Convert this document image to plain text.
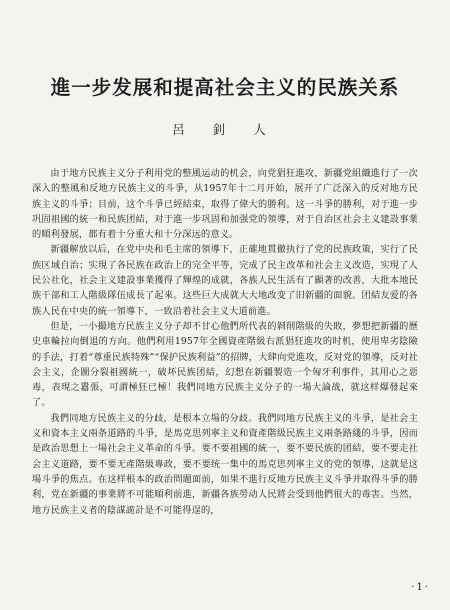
進一步发展和提高社会主义的民族关系
呂 釗 人

由于地方民族主义分子利用党的整風运动的机会，向党猖狂進攻，新疆党組織進行了一次深入的整風和反地方民族主义的斗爭，从1957年十二月开始，展开了广泛深入的反对地方民族主义的斗爭；目前，这个斗爭已經結束，取得了偉大的勝利。这一斗爭的勝利，对于進一步巩固祖國的統一和民族团結，对于進一步巩固和加强党的領導，对于自治区社会主义建設事業的順利發展，都有着十分重大和十分深远的意义。

新疆解放以后，在党中央和毛主席的領導下，正確地貫徹执行了党的民族政策，实行了民族区域自治；实現了各民族在政治上的完全平等，完成了民主改革和社会主义改造，实現了人民公社化，社会主义建設事業獲得了輝煌的成就，各族人民生活有了顯著的改善，大批本地民族干部和工人階級隊伍成長了起來。这些巨大成就大大地改变了旧新疆的面貌。团結友爱的各族人民在中央的統一領導下，一致沿着社会主义大道前進。

但是，一小撮地方民族主义分子却不甘心他們所代表的剝削階級的失敗，夢想把新疆的歷史車輪拉向倒退的方向。他們利用1957年全國資產階級右派猖狂進攻的时机，使用卑劣陰險的手法，打着“尊重民族特殊”“保护民族利益”的招牌，大肆向党進攻，反对党的領導，反对社会主义，企圖分裂祖國統一，破坏民族团結，幻想在新疆製造一个匈牙利事件，其用心之惡毒，表現之囂張，可謂極狂已極！我們同地方民族主义分子的一場大論战，就这样爆發起來了。

我們同地方民族主义的分歧，是根本立場的分歧。我們同地方民族主义的斗爭，是社会主义和資本主义兩条道路的斗爭，是馬克思列寧主义和資產階級民族主义兩条路綫的斗爭，因而是政治思想上一場社会主义革命的斗爭。要不要祖國的統一，要不要民族的团結，要不要走社会主义道路，要不要无產階級專政，要不要统一集中的馬克思列寧主义的党的領導，这就是这場斗爭的焦点。在这样根本的政治問題面前，如果不進行反地方民族主义斗爭并取得斗爭的勝利，党在新疆的事業將不可能順利前進，新疆各族勞动人民將会受到他們很大的毒害。当然，地方民族主义者的陰謀詭計是不可能得逞的，

·1·
